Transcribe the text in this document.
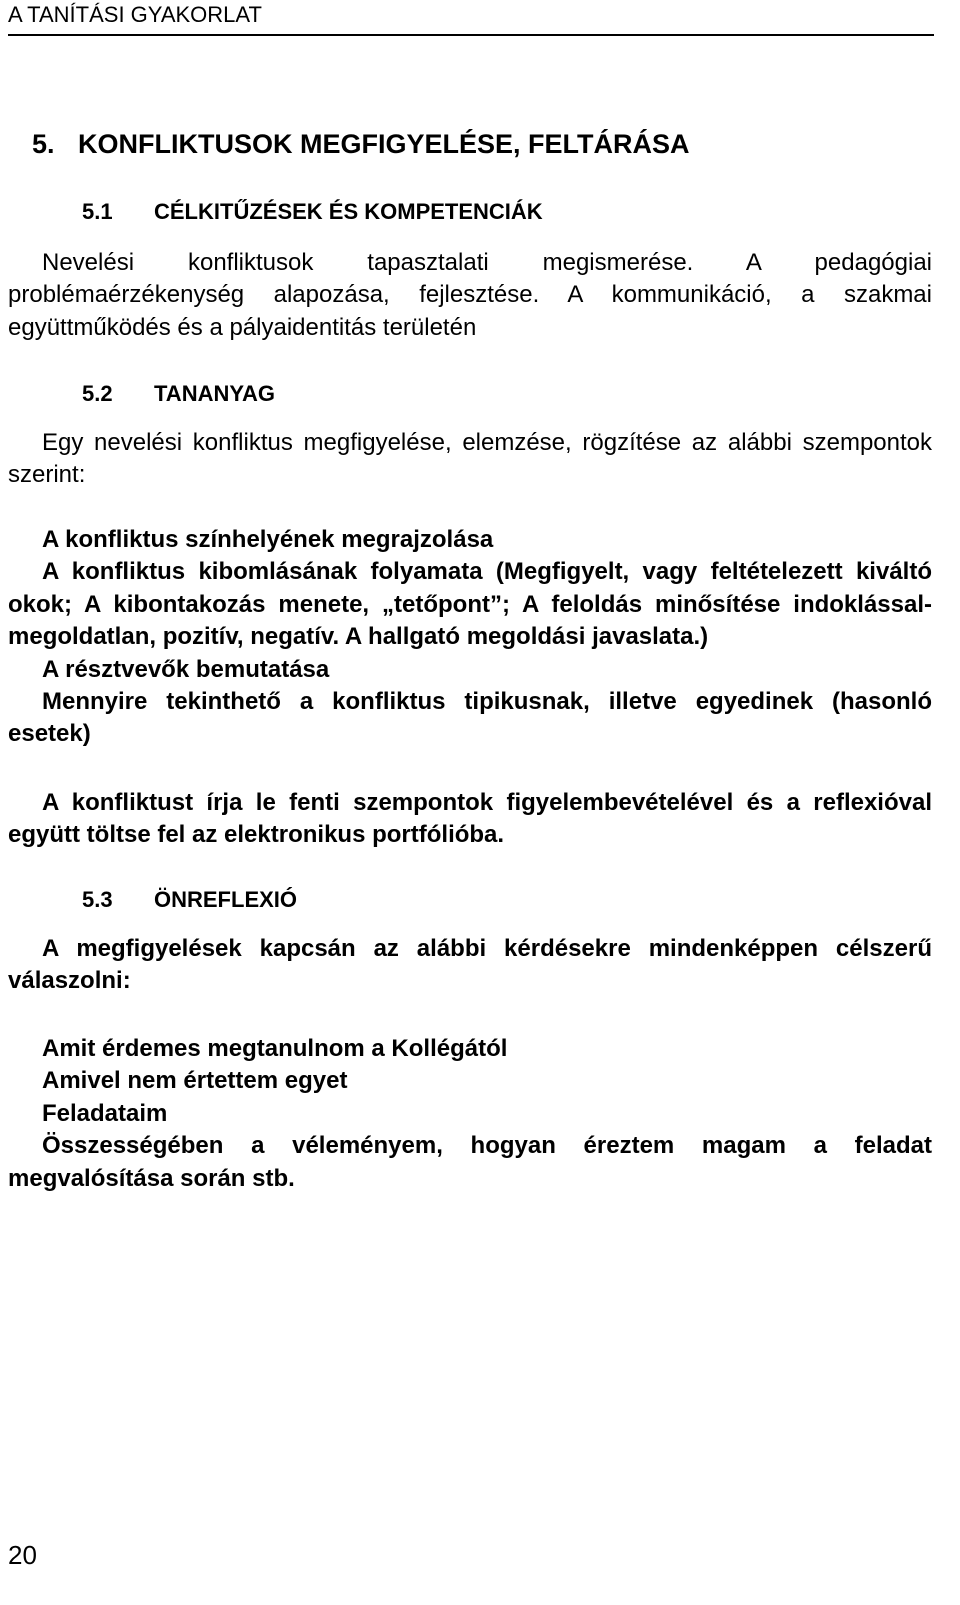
A TANÍTÁSI GYAKORLAT
5. KONFLIKTUSOK MEGFIGYELÉSE, FELTÁRÁSA
5.1 CÉLKITŰZÉSEK ÉS KOMPETENCIÁK

Nevelési konfliktusok tapasztalati megismerése. A pedagógiai problémaérzékenység alapozása, fejlesztése. A kommunikáció, a szakmai együttműködés és a pályaidentitás területén

5.2 TANANYAG

Egy nevelési konfliktus megfigyelése, elemzése, rögzítése az alábbi szempontok szerint:

A konfliktus színhelyének megrajzolása
A konfliktus kibomlásának folyamata (Megfigyelt, vagy feltételezett kiváltó okok; A kibontakozás menete, „tetőpont”; A feloldás minősítése indoklással- megoldatlan, pozitív, negatív. A hallgató megoldási javaslata.)
A résztvevők bemutatása
Mennyire tekinthető a konfliktus tipikusnak, illetve egyedinek (hasonló esetek)

A konfliktust írja le fenti szempontok figyelembevételével és a reflexióval együtt töltse fel az elektronikus portfólióba.

5.3 ÖNREFLEXIÓ

A megfigyelések kapcsán az alábbi kérdésekre mindenképpen célszerű válaszolni:

Amit érdemes megtanulnom a Kollégától
Amivel nem értettem egyet
Feladataim
Összességében a véleményem, hogyan éreztem magam a feladat megvalósítása során stb.
20
